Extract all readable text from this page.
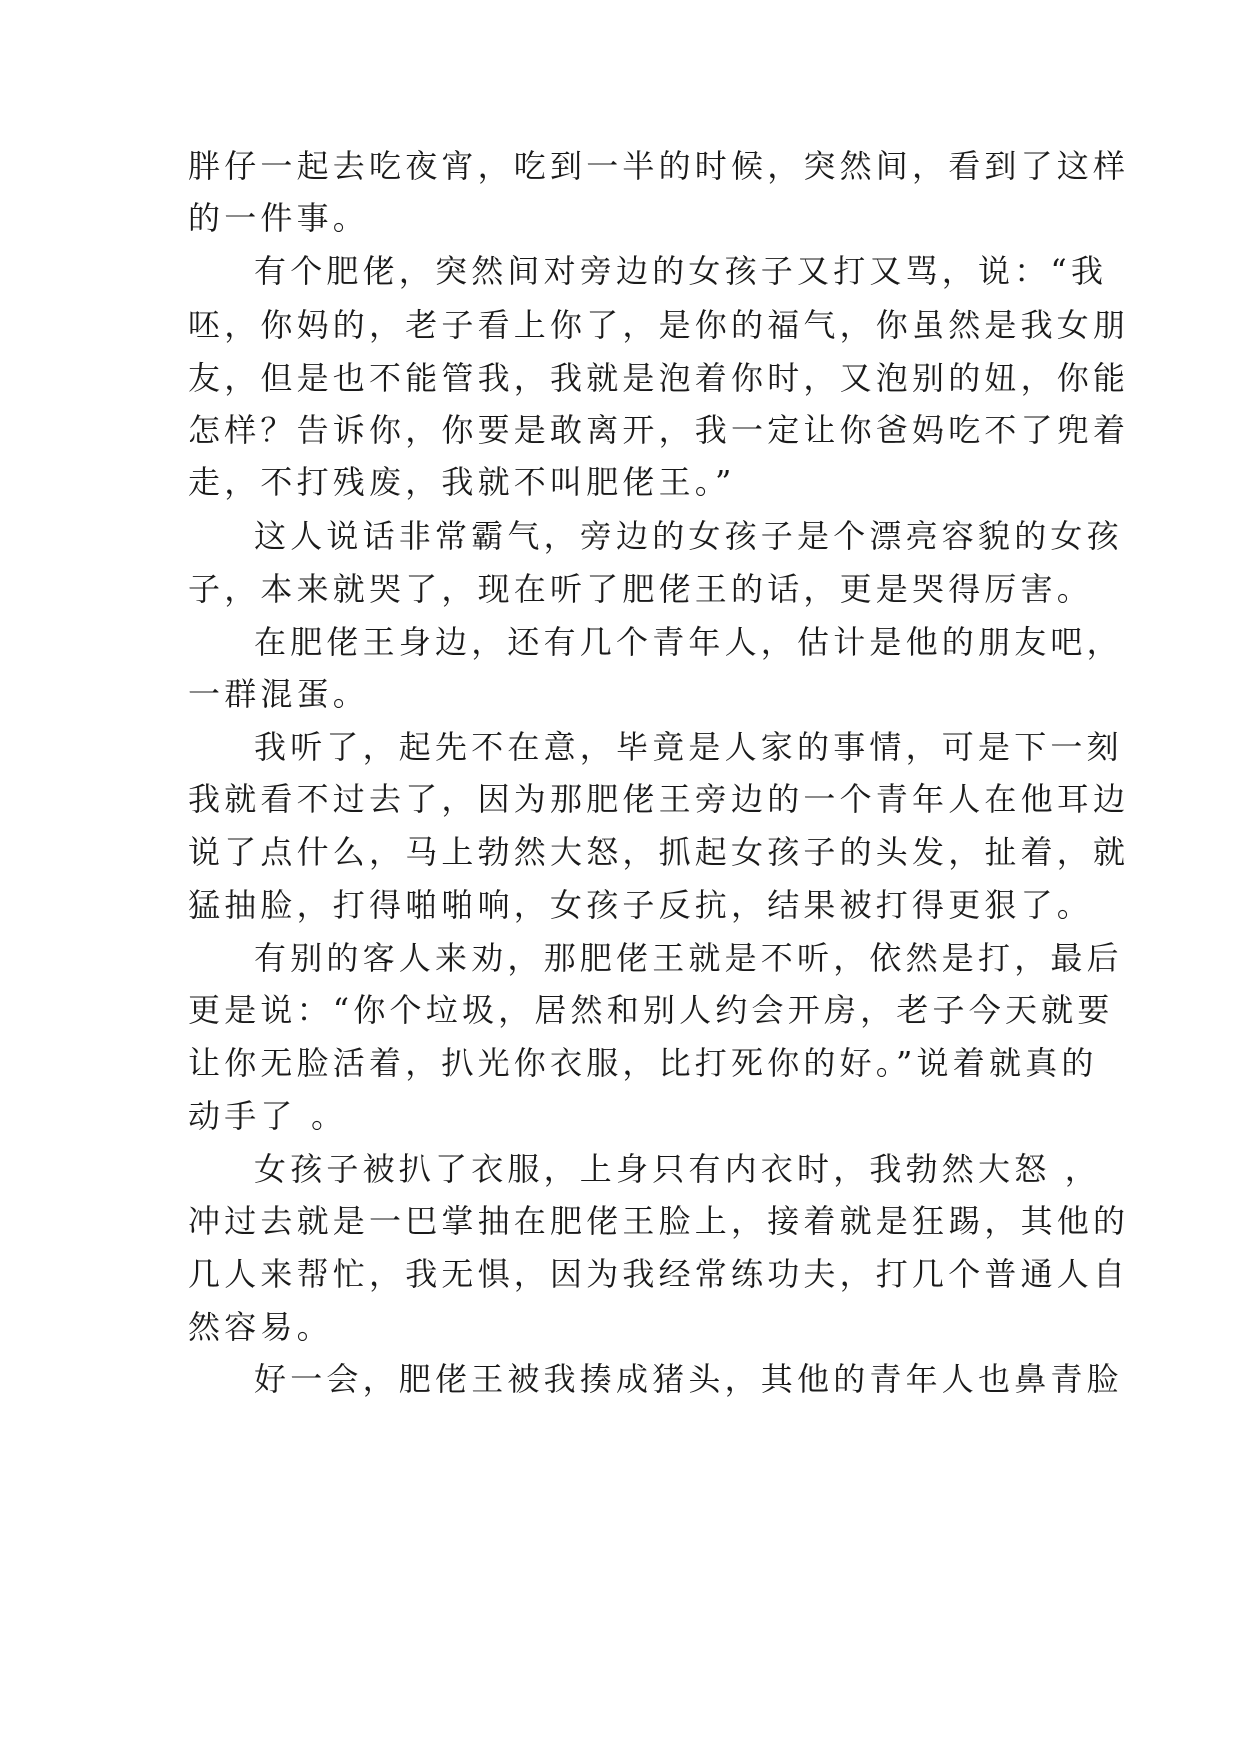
胖仔一起去吃夜宵，吃到一半的时候，突然间，看到了这样
的一件事。
有个肥佬，突然间对旁边的女孩子又打又骂，说：“我
呸，你妈的，老子看上你了，是你的福气，你虽然是我女朋
友，但是也不能管我，我就是泡着你时，又泡别的妞，你能
怎样？告诉你，你要是敢离开，我一定让你爸妈吃不了兜着
走，不打残废，我就不叫肥佬王。”
这人说话非常霸气，旁边的女孩子是个漂亮容貌的女孩
子，本来就哭了，现在听了肥佬王的话，更是哭得厉害。
在肥佬王身边，还有几个青年人，估计是他的朋友吧，
一群混蛋。
我听了，起先不在意，毕竟是人家的事情，可是下一刻
我就看不过去了，因为那肥佬王旁边的一个青年人在他耳边
说了点什么，马上勃然大怒，抓起女孩子的头发，扯着，就
猛抽脸，打得啪啪响，女孩子反抗，结果被打得更狠了。
有别的客人来劝，那肥佬王就是不听，依然是打，最后
更是说：“你个垃圾，居然和别人约会开房，老子今天就要
让你无脸活着，扒光你衣服，比打死你的好。”说着就真的
动手了 。
女孩子被扒了衣服，上身只有内衣时，我勃然大怒 ，
冲过去就是一巴掌抽在肥佬王脸上，接着就是狂踢，其他的
几人来帮忙，我无惧，因为我经常练功夫，打几个普通人自
然容易。
好一会，肥佬王被我揍成猪头，其他的青年人也鼻青脸
